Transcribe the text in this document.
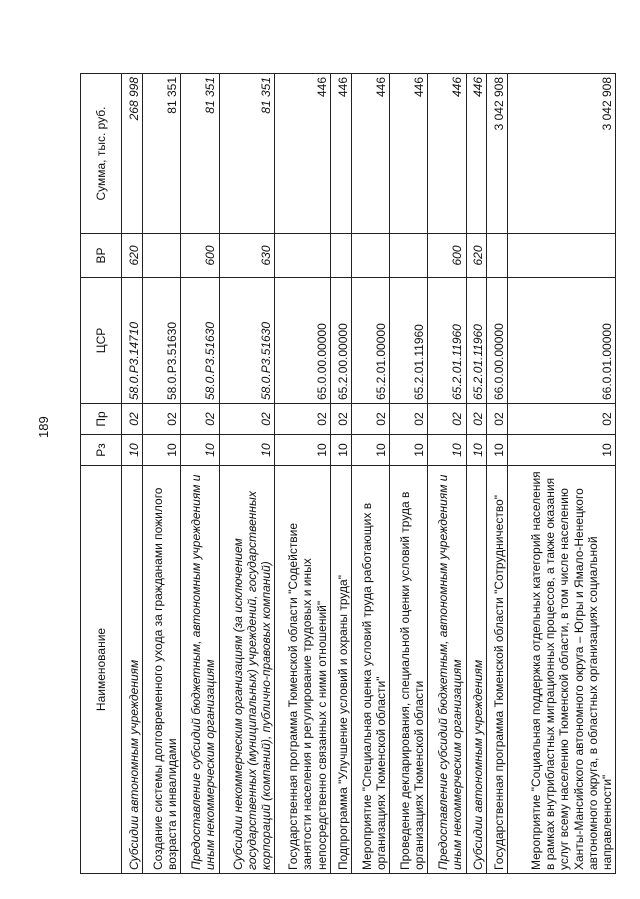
189
Наименование	Рз	Пр	ЦСР	ВР	Сумма, тыс. руб.
Субсидии автономным учреждениям	10	02	58.0.Р3.14710	620	268 998
Создание системы долговременного ухода за гражданами пожилого возраста и инвалидами	10	02	58.0.Р3.51630		81 351
Предоставление субсидий бюджетным, автономным учреждениям и иным некоммерческим организациям	10	02	58.0.Р3.51630	600	81 351
Субсидии некоммерческим организациям (за исключением государственных (муниципальных) учреждений, государственных корпораций (компаний), публично-правовых компаний)	10	02	58.0.Р3.51630	630	81 351
Государственная программа Тюменской области "Содействие занятости населения и регулирование трудовых и иных непосредственно связанных с ними отношений"	10	02	65.0.00.00000		446
Подпрограмма "Улучшение условий и охраны труда"	10	02	65.2.00.00000		446
Мероприятие "Специальная оценка условий труда работающих в организациях Тюменской области"	10	02	65.2.01.00000		446
Проведение декларирования, специальной оценки условий труда в организациях Тюменской области	10	02	65.2.01.11960		446
Предоставление субсидий бюджетным, автономным учреждениям и иным некоммерческим организациям	10	02	65.2.01.11960	600	446
Субсидии автономным учреждениям	10	02	65.2.01.11960	620	446
Государственная программа Тюменской области "Сотрудничество"	10	02	66.0.00.00000		3 042 908
Мероприятие "Социальная поддержка отдельных категорий населения в рамках внутрибластных миграционных процессов, а также оказания услуг всему населению Тюменской области, в том числе населению Ханты-Мансийского автономного округа – Югры и Ямало-Ненецкого автономного округа, в областных организациях социальной направленности"	10	02	66.0.01.00000		3 042 908
